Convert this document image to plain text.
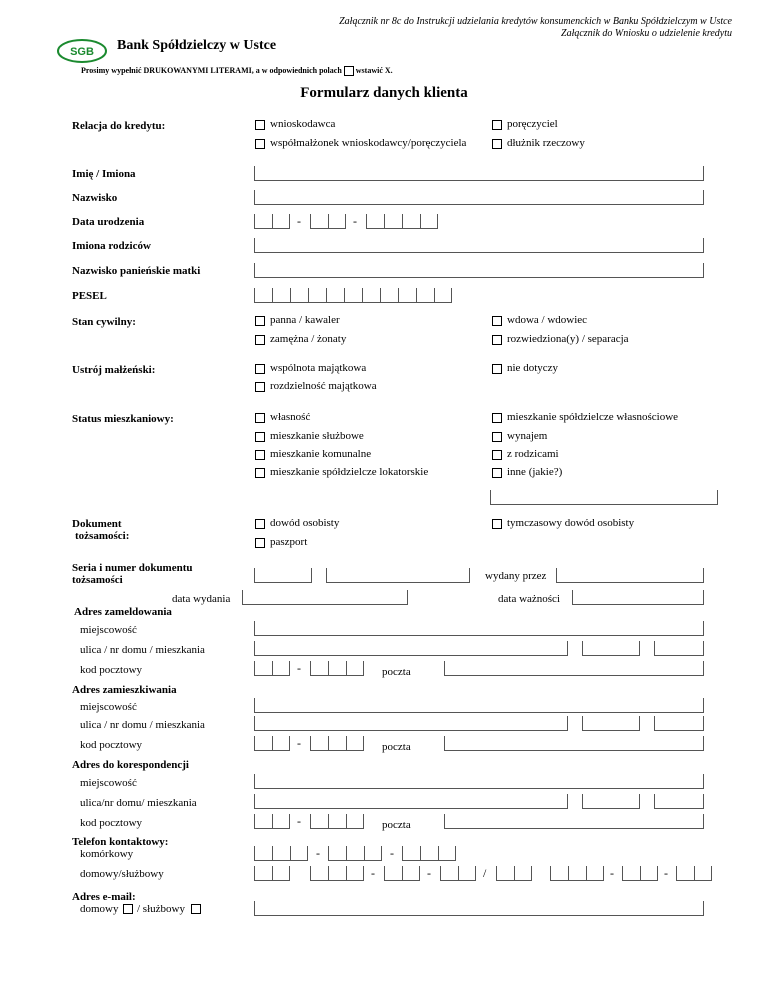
Załącznik nr 8c do Instrukcji udzielania kredytów konsumenckich w Banku Spółdzielczym w Ustce
Załącznik do Wniosku o udzielenie kredytu
SGB Bank Spółdzielczy w Ustce
Prosimy wypełnić DRUKOWANYMI LITERAMI, a w odpowiednich polach wstawić X.
Formularz danych klienta
Relacja do kredytu:	wnioskodawca	poręczyciel
współmałżonek wnioskodawcy/poręczyciela	dłużnik rzeczowy
Imię / Imiona
Nazwisko
Data urodzenia	-	-
Imiona rodziców
Nazwisko panieńskie matki
PESEL
Stan cywilny:	panna / kawaler	wdowa / wdowiec
zamężna / żonaty	rozwiedziona(y) / separacja
Ustrój małżeński:	wspólnota majątkowa	nie dotyczy
rozdzielność majątkowa
Status mieszkaniowy:	własność	mieszkanie spółdzielcze własnościowe
mieszkanie służbowe	wynajem
mieszkanie komunalne	z rodzicami
mieszkanie spółdzielcze lokatorskie	inne (jakie?)
Dokument
tożsamości:
dowód osobisty	tymczasowy dowód osobisty
paszport
Seria i numer dokumentu
tożsamości	wydany przez
data wydania	data ważności
Adres zameldowania
miejscowość
ulica / nr domu / mieszkania
kod pocztowy	-	poczta
Adres zamieszkiwania
miejscowość
ulica / nr domu / mieszkania
kod pocztowy	-	poczta
Adres do korespondencji
miejscowość
ulica/nr domu/ mieszkania
kod pocztowy	-	poczta
Telefon kontaktowy:
komórkowy	-	-
domowy/służbowy	-	-	/	-	-
Adres e-mail:
domowy / służbowy
